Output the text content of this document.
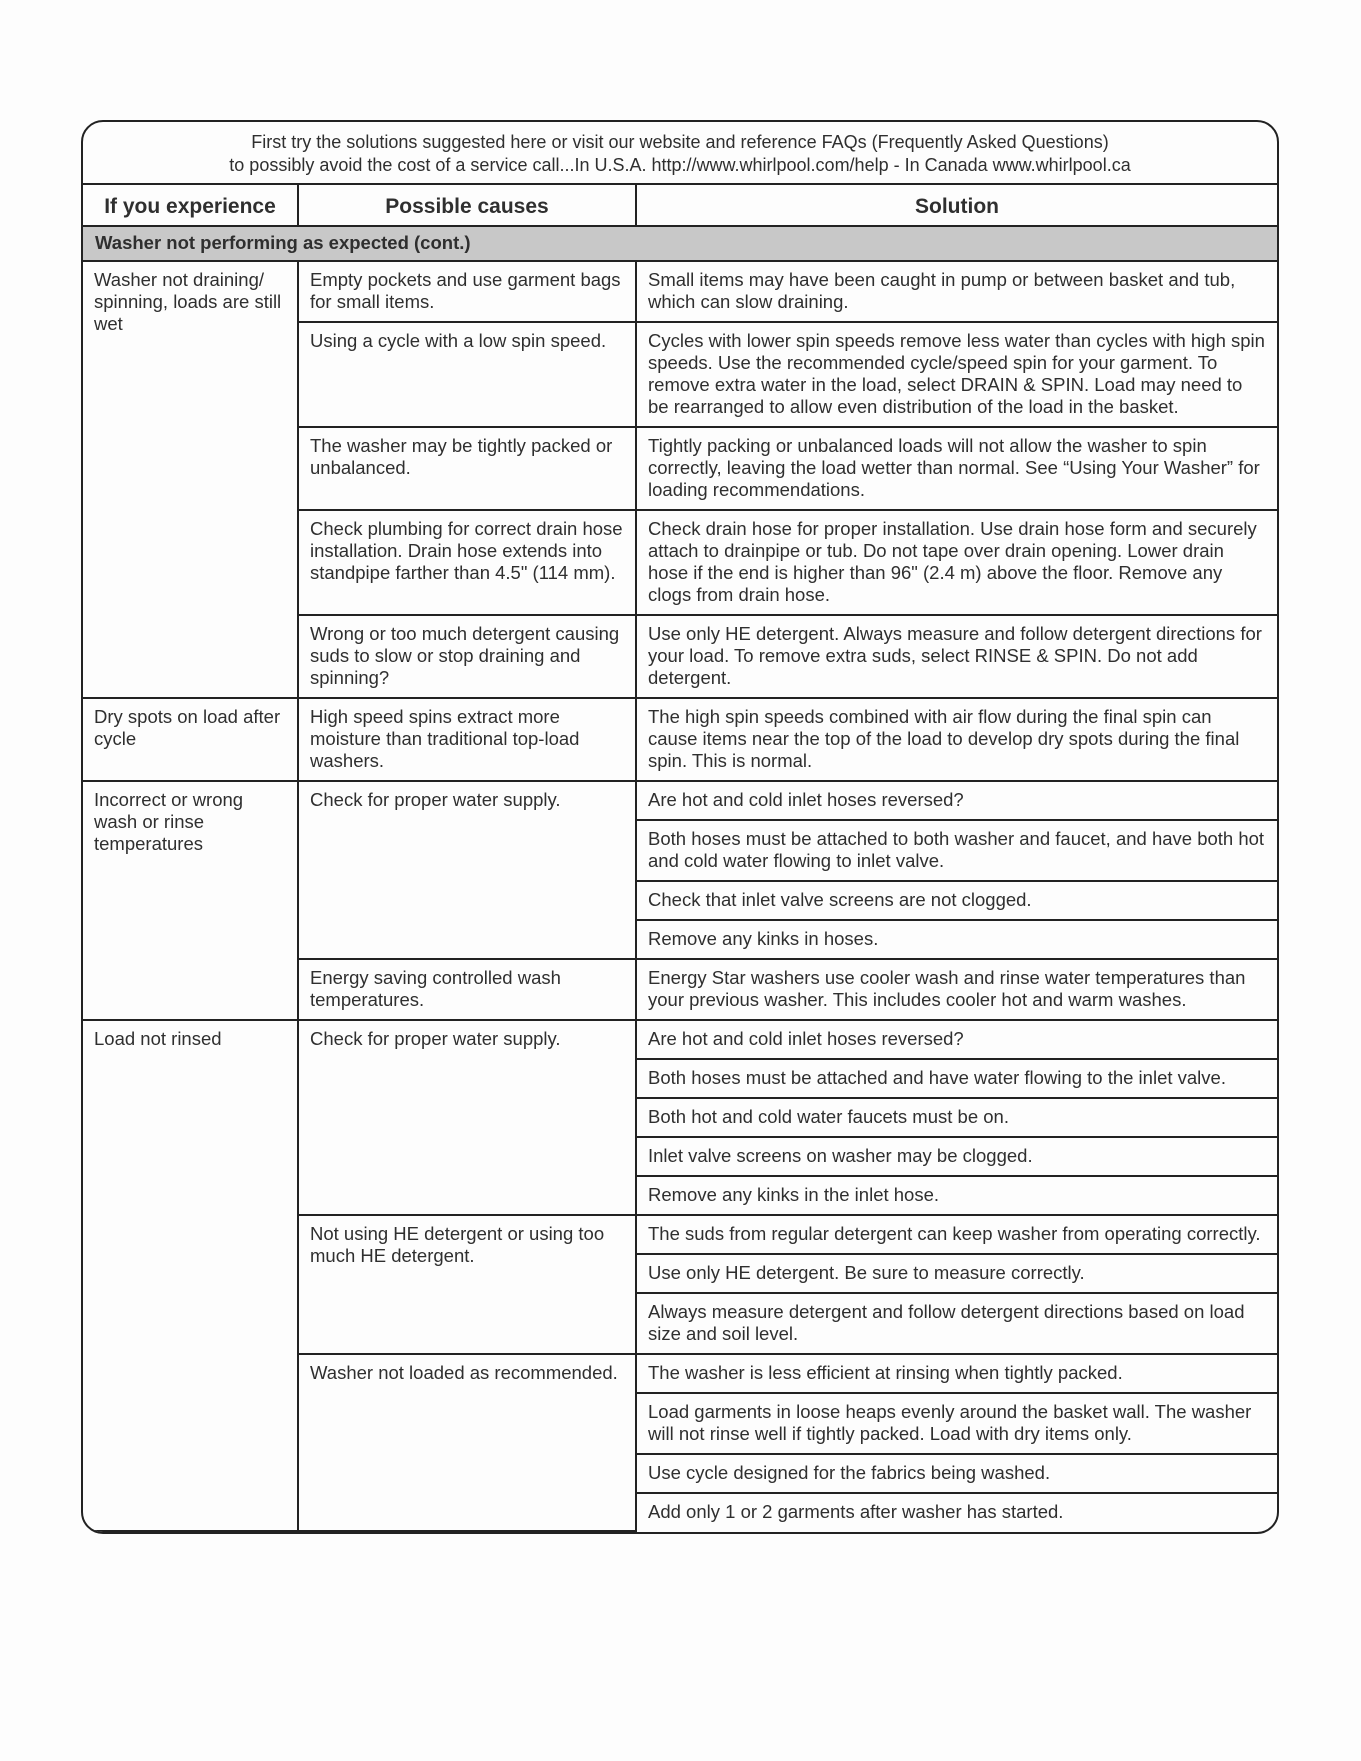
First try the solutions suggested here or visit our website and reference FAQs (Frequently Asked Questions)
to possibly avoid the cost of a service call...In U.S.A. http://www.whirlpool.com/help - In Canada www.whirlpool.ca
If you experience	Possible causes	Solution
Washer not performing as expected (cont.)		
Washer not draining/ spinning, loads are still wet	Empty pockets and use garment bags for small items.	Small items may have been caught in pump or between basket and tub, which can slow draining.
	Using a cycle with a low spin speed.	Cycles with lower spin speeds remove less water than cycles with high spin speeds. Use the recommended cycle/speed spin for your garment. To remove extra water in the load, select DRAIN & SPIN. Load may need to be rearranged to allow even distribution of the load in the basket.
	The washer may be tightly packed or unbalanced.	Tightly packing or unbalanced loads will not allow the washer to spin correctly, leaving the load wetter than normal. See “Using Your Washer” for loading recommendations.
	Check plumbing for correct drain hose installation. Drain hose extends into standpipe farther than 4.5" (114 mm).	Check drain hose for proper installation. Use drain hose form and securely attach to drainpipe or tub. Do not tape over drain opening. Lower drain hose if the end is higher than 96" (2.4 m) above the floor. Remove any clogs from drain hose.
	Wrong or too much detergent causing suds to slow or stop draining and spinning?	Use only HE detergent. Always measure and follow detergent directions for your load. To remove extra suds, select RINSE & SPIN. Do not add detergent.
Dry spots on load after cycle	High speed spins extract more moisture than traditional top-load washers.	The high spin speeds combined with air flow during the final spin can cause items near the top of the load to develop dry spots during the final spin. This is normal.
Incorrect or wrong wash or rinse temperatures	Check for proper water supply.	Are hot and cold inlet hoses reversed?
		Both hoses must be attached to both washer and faucet, and have both hot and cold water flowing to inlet valve.
		Check that inlet valve screens are not clogged.
		Remove any kinks in hoses.
	Energy saving controlled wash temperatures.	Energy Star washers use cooler wash and rinse water temperatures than your previous washer. This includes cooler hot and warm washes.
Load not rinsed	Check for proper water supply.	Are hot and cold inlet hoses reversed?
		Both hoses must be attached and have water flowing to the inlet valve.
		Both hot and cold water faucets must be on.
		Inlet valve screens on washer may be clogged.
		Remove any kinks in the inlet hose.
	Not using HE detergent or using too much HE detergent.	The suds from regular detergent can keep washer from operating correctly.
		Use only HE detergent. Be sure to measure correctly.
		Always measure detergent and follow detergent directions based on load size and soil level.
	Washer not loaded as recommended.	The washer is less efficient at rinsing when tightly packed.
		Load garments in loose heaps evenly around the basket wall. The washer will not rinse well if tightly packed. Load with dry items only.
		Use cycle designed for the fabrics being washed.
		Add only 1 or 2 garments after washer has started.
